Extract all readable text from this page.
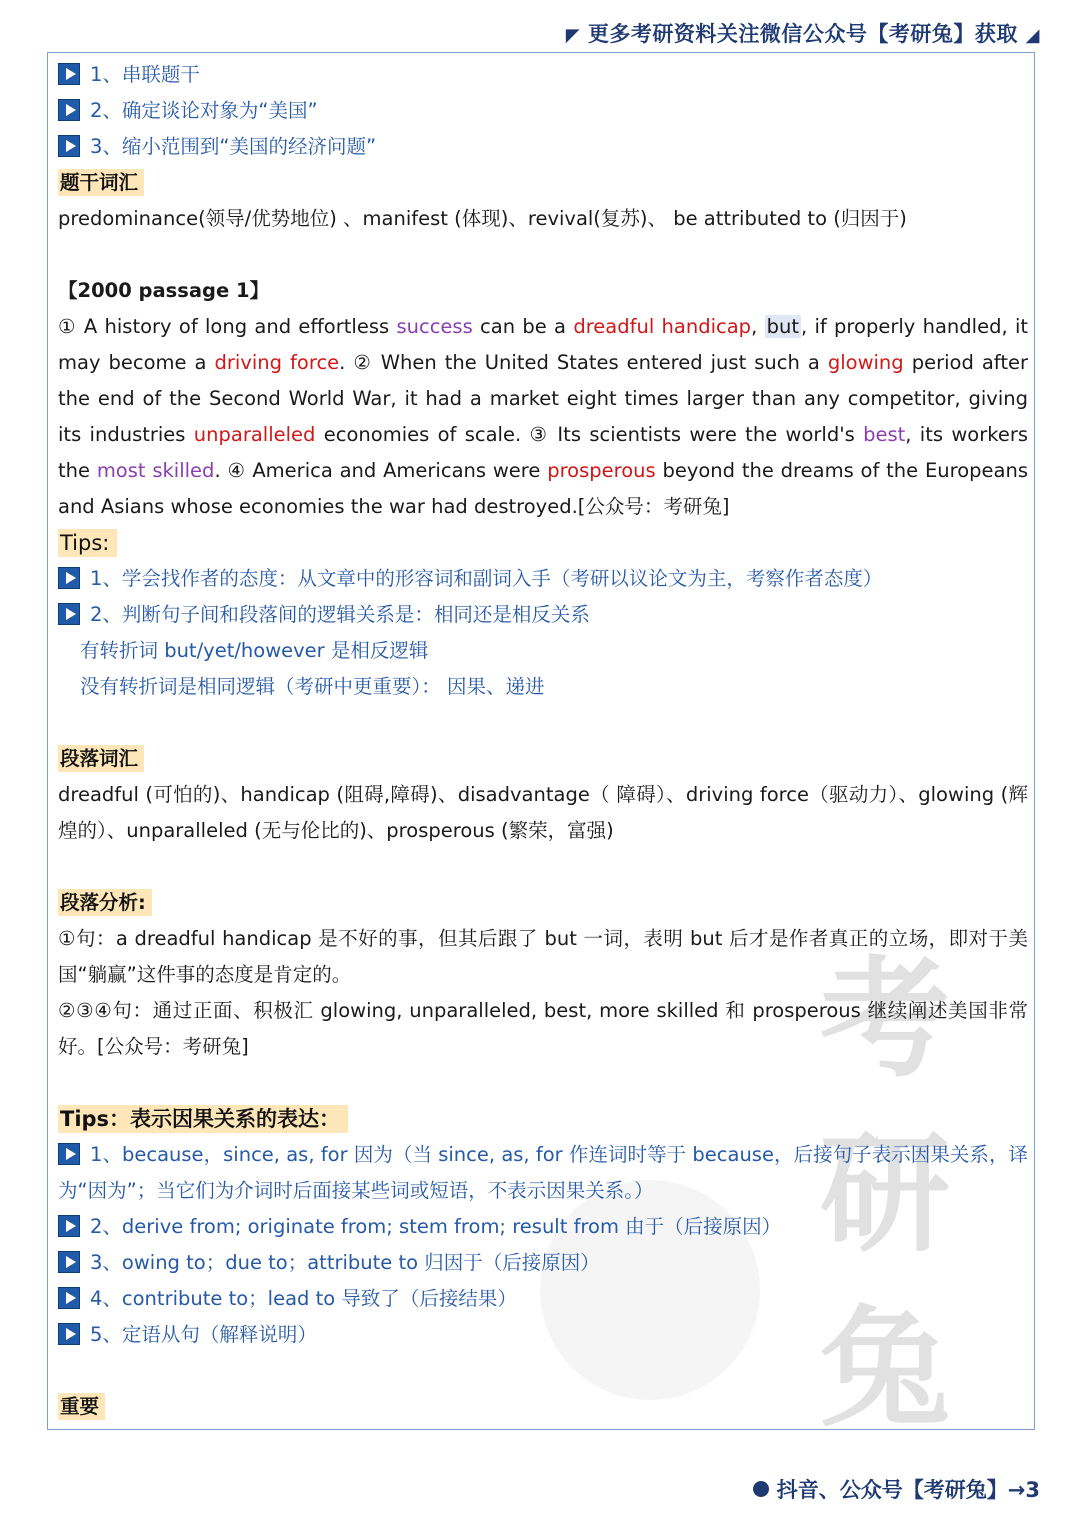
考
研
兔
◤ 更多考研资料关注微信公众号【考研兔】获取 ◢
1、串联题干
2、确定谈论对象为“美国”
3、缩小范围到“美国的经济问题”
题干词汇
predominance(领导/优势地位) 、manifest (体现)、revival(复苏)、 be attributed to (归因于)
【2000 passage 1】
① A history of long and effortless success can be a dreadful handicap, but , if properly handled, it may become a driving force. ② When the United States entered just such a glowing period after the end of the Second World War, it had a market eight times larger than any competitor, giving its industries unparalleled economies of scale. ③ Its scientists were the world's best, its workers the most skilled. ④ America and Americans were prosperous beyond the dreams of the Europeans and Asians whose economies the war had destroyed.[公众号：考研兔]
Tips:
1、学会找作者的态度：从文章中的形容词和副词入手（考研以议论文为主，考察作者态度）
2、判断句子间和段落间的逻辑关系是：相同还是相反关系
有转折词 but/yet/however 是相反逻辑
没有转折词是相同逻辑（考研中更重要）： 因果、递进
段落词汇
dreadful (可怕的)、handicap (阻碍,障碍)、disadvantage（ 障碍）、driving force（驱动力）、glowing (辉煌的）、unparalleled (无与伦比的)、prosperous (繁荣，富强)
段落分析:
①句：a dreadful handicap 是不好的事，但其后跟了 but 一词，表明 but 后才是作者真正的立场，即对于美国“躺赢”这件事的态度是肯定的。
②③④句：通过正面、积极汇 glowing, unparalleled, best, more skilled 和 prosperous 继续阐述美国非常好。[公众号：考研兔]
Tips：表示因果关系的表达：
1、because，since, as, for 因为（当 since, as, for 作连词时等于 because，后接句子表示因果关系，译为“因为”；当它们为介词时后面接某些词或短语，不表示因果关系。）
2、derive from; originate from; stem from; result from 由于（后接原因）
3、owing to；due to；attribute to 归因于（后接原因）
4、contribute to；lead to 导致了（后接结果）
5、定语从句（解释说明）
重要
抖音、公众号【考研兔】→3
